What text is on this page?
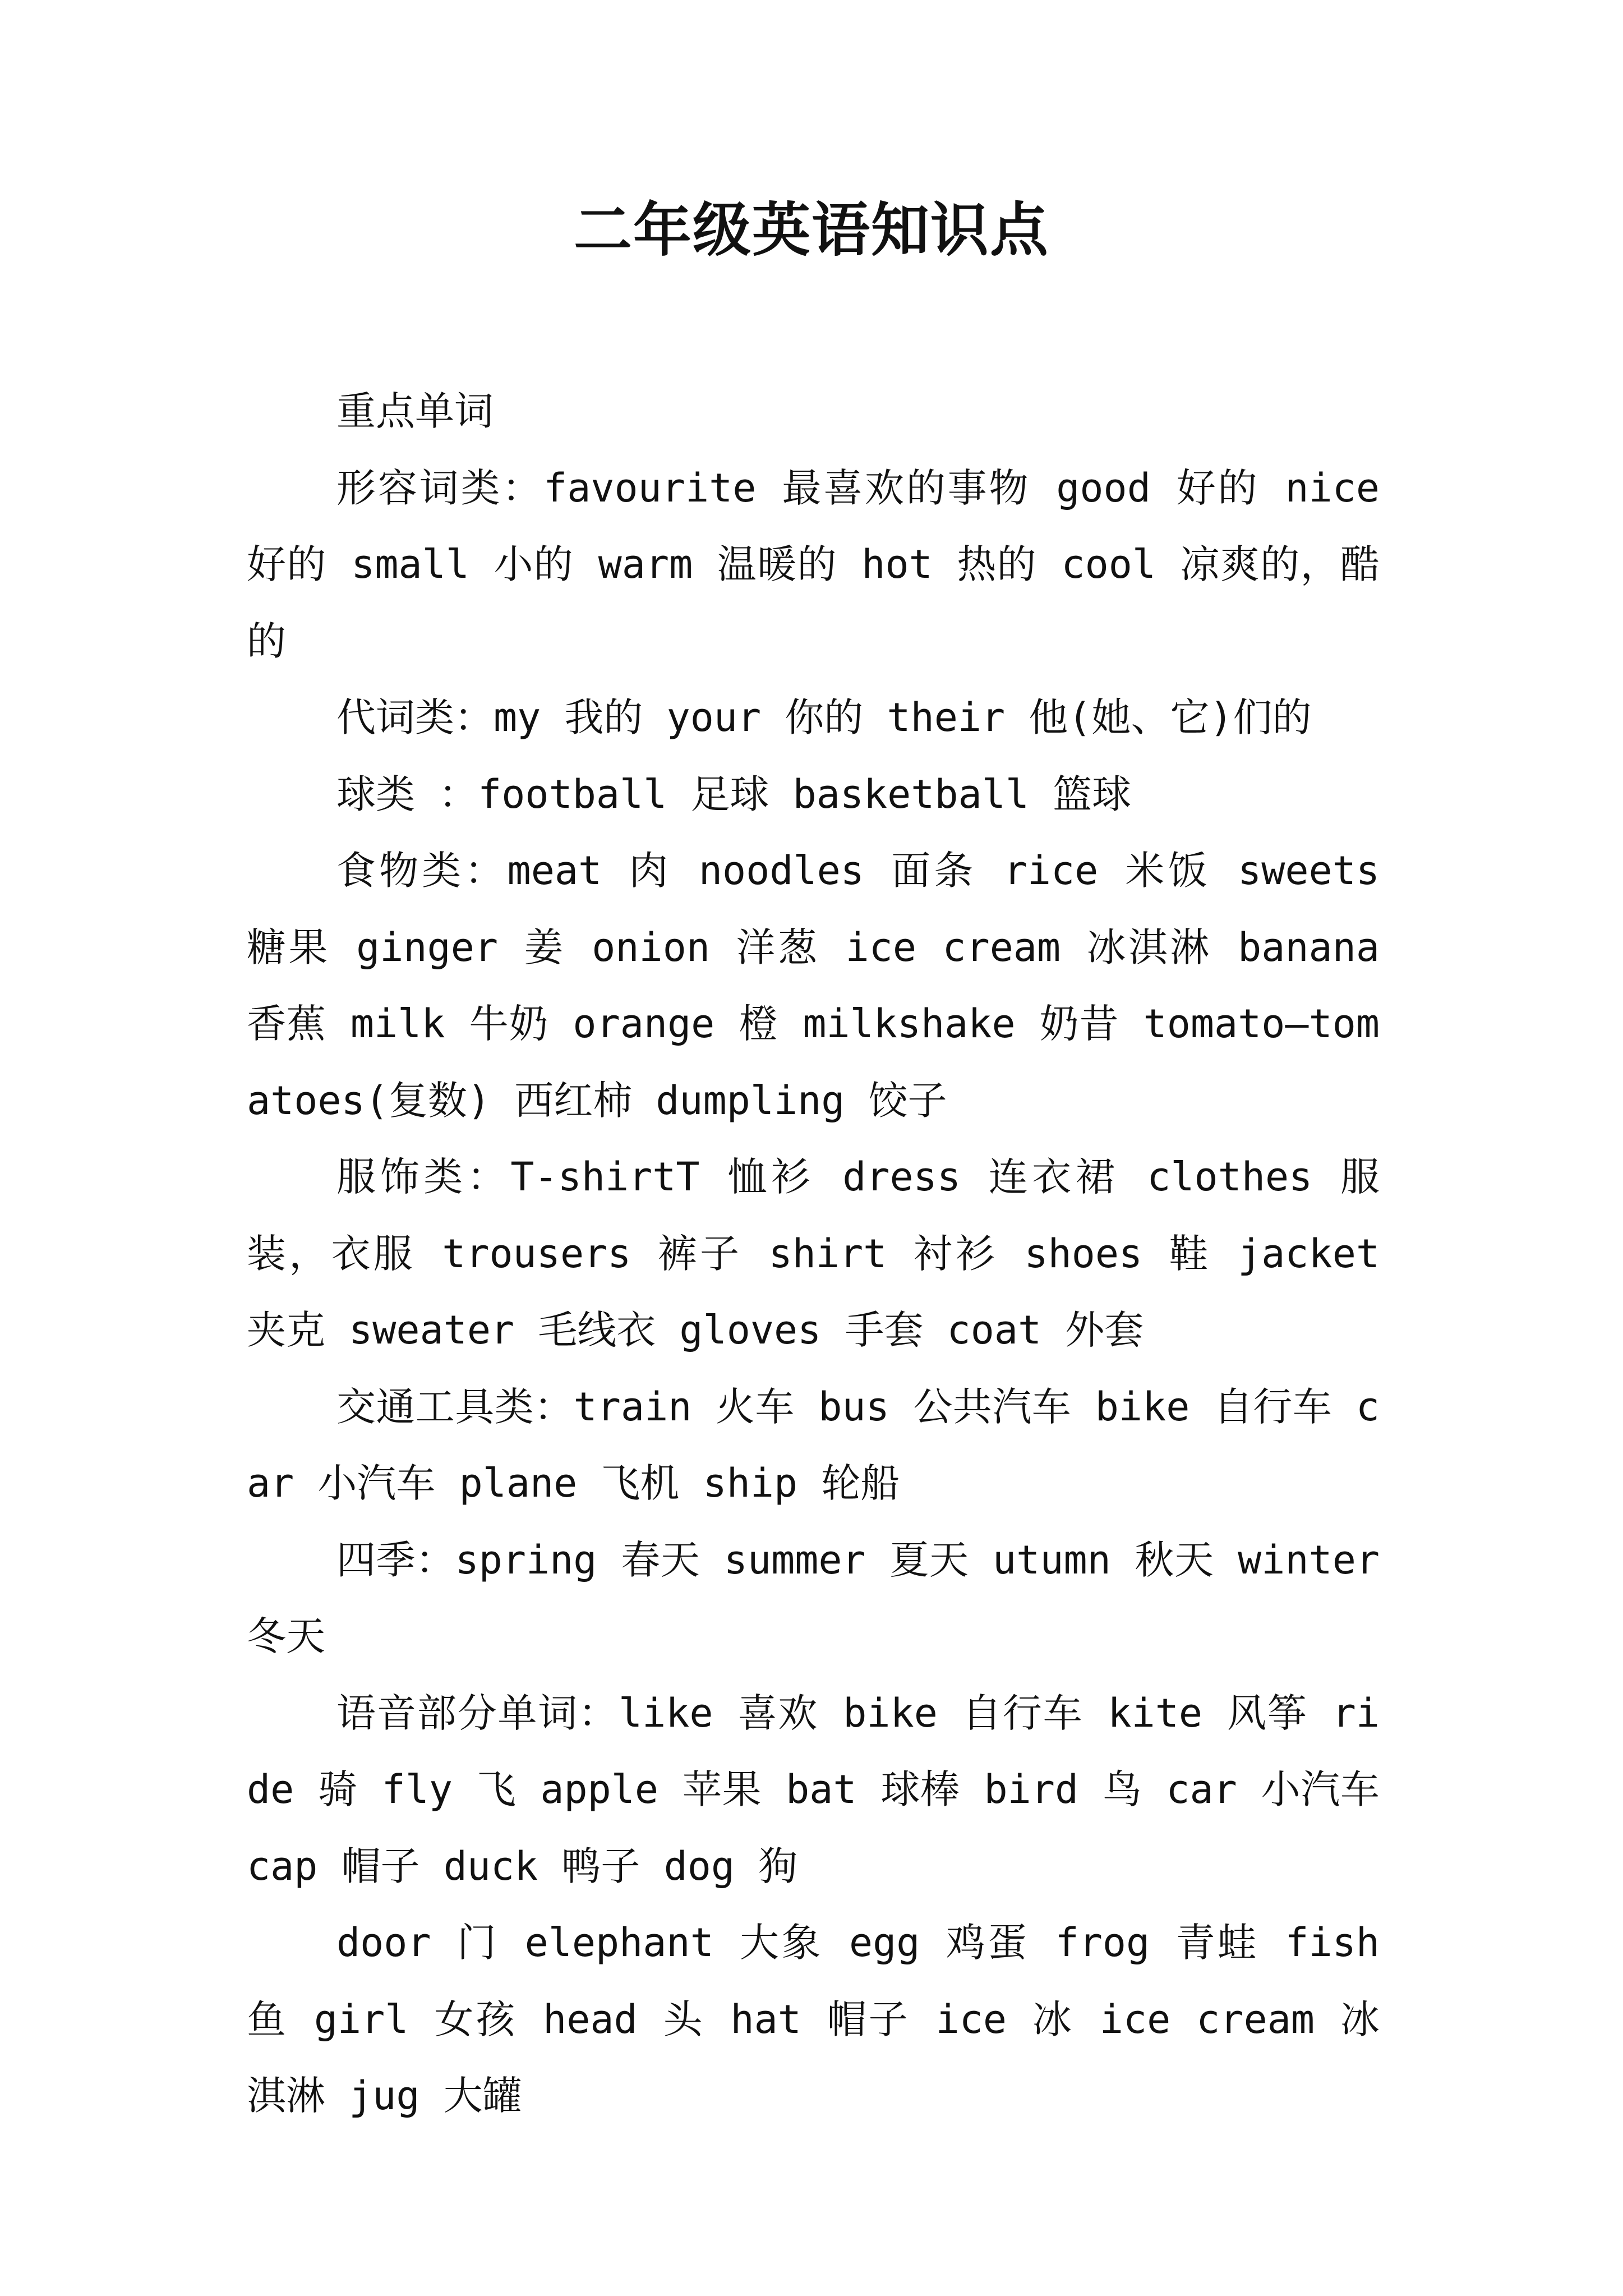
二年级英语知识点

重点单词

形容词类：favourite 最喜欢的事物 good 好的 nice 好的 small 小的 warm 温暖的 hot 热的 cool 凉爽的，酷的

代词类：my 我的 your 你的 their 他(她、它)们的

球类 ：football 足球 basketball 篮球

食物类：meat 肉 noodles 面条 rice 米饭 sweets 糖果 ginger 姜 onion 洋葱 ice cream 冰淇淋 banana 香蕉 milk 牛奶 orange 橙 milkshake 奶昔 tomato—tomatoes(复数) 西红柿 dumpling 饺子

服饰类：T-shirtT 恤衫 dress 连衣裙 clothes 服装，衣服 trousers 裤子 shirt 衬衫 shoes 鞋 jacket 夹克 sweater 毛线衣 gloves 手套 coat 外套

交通工具类：train 火车 bus 公共汽车 bike 自行车 car 小汽车 plane 飞机 ship 轮船

四季：spring 春天 summer 夏天 utumn 秋天 winter 冬天

语音部分单词：like 喜欢 bike 自行车 kite 风筝 ride 骑 fly 飞 apple 苹果 bat 球棒 bird 鸟 car 小汽车 cap 帽子 duck 鸭子 dog 狗

door 门 elephant 大象 egg 鸡蛋 frog 青蛙 fish 鱼 girl 女孩 head 头 hat 帽子 ice 冰 ice cream 冰淇淋 jug 大罐
